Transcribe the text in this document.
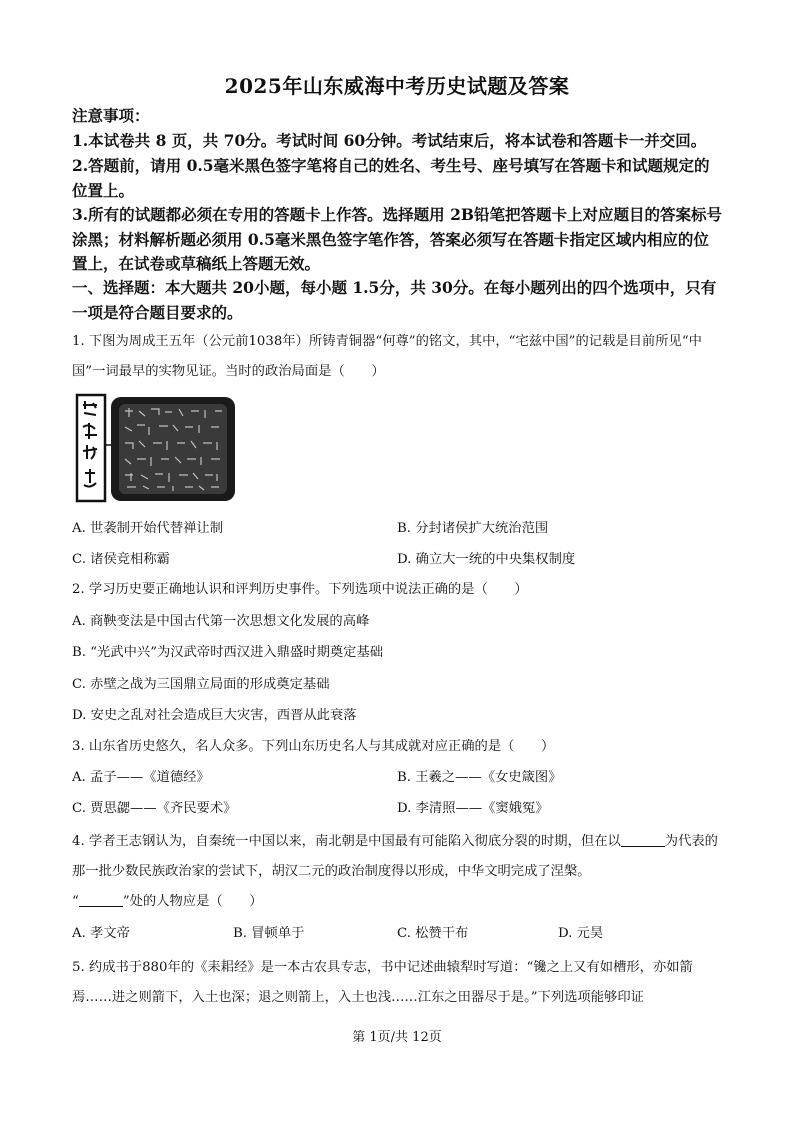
2025年山东威海中考历史试题及答案
注意事项：
1.本试卷共 8 页，共 70分。考试时间 60分钟。考试结束后，将本试卷和答题卡一并交回。
2.答题前，请用 0.5毫米黑色签字笔将自己的姓名、考生号、座号填写在答题卡和试题规定的位置上。
3.所有的试题都必须在专用的答题卡上作答。选择题用 2B铅笔把答题卡上对应题目的答案标号涂黑；材料解析题必须用 0.5毫米黑色签字笔作答，答案必须写在答题卡指定区域内相应的位置上，在试卷或草稿纸上答题无效。
一、选择题：本大题共 20小题，每小题 1.5分，共 30分。在每小题列出的四个选项中，只有一项是符合题目要求的。
1. 下图为周成王五年（公元前1038年）所铸青铜器“何尊”的铭文，其中，“宅兹中国”的记载是目前所见“中国”一词最早的实物见证。当时的政治局面是（　　）
A. 世袭制开始代替禅让制	B. 分封诸侯扩大统治范围
C. 诸侯竞相称霸	D. 确立大一统的中央集权制度
2. 学习历史要正确地认识和评判历史事件。下列选项中说法正确的是（　　）
A. 商鞅变法是中国古代第一次思想文化发展的高峰
B. “光武中兴”为汉武帝时西汉进入鼎盛时期奠定基础
C. 赤壁之战为三国鼎立局面的形成奠定基础
D. 安史之乱对社会造成巨大灾害，西晋从此衰落
3. 山东省历史悠久，名人众多。下列山东历史名人与其成就对应正确的是（　　）
A. 孟子——《道德经》	B. 王羲之——《女史箴图》
C. 贾思勰——《齐民要术》	D. 李清照——《窦娥冤》
4. 学者王志钢认为，自秦统一中国以来，南北朝是中国最有可能陷入彻底分裂的时期，但在以	为代表的那一批少数民族政治家的尝试下，胡汉二元的政治制度得以形成，中华文明完成了涅槃。
“	”处的人物应是（　　）
A. 孝文帝	B. 冒顿单于	C. 松赞干布	D. 元昊
5. 约成书于880年的《耒耜经》是一本古农具专志，书中记述曲辕犁时写道：“镵之上又有如槽形，亦如箭焉……进之则箭下，入土也深；退之则箭上，入土也浅……江东之田器尽于是。”下列选项能够印证
第 1页/共 12页
